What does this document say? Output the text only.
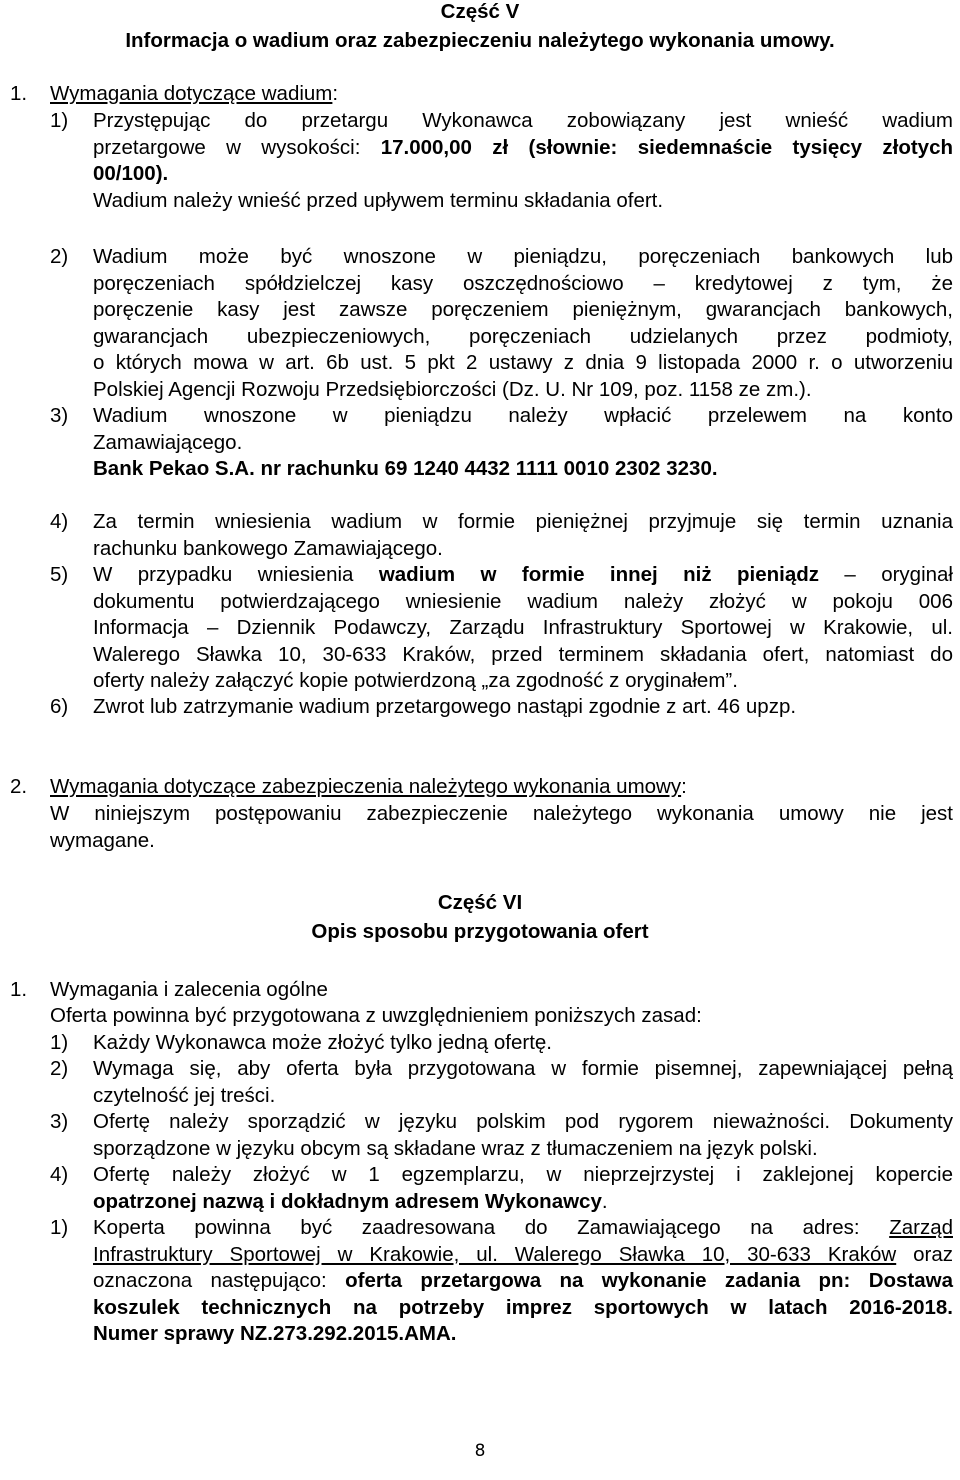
Część V
Informacja o wadium oraz zabezpieczeniu należytego wykonania umowy.
1. Wymagania dotyczące wadium:
1) Przystępując do przetargu Wykonawca zobowiązany jest wnieść wadium
przetargowe w wysokości: 17.000,00 zł (słownie: siedemnaście tysięcy złotych
00/100).
Wadium należy wnieść przed upływem terminu składania ofert.
2) Wadium może być wnoszone w pieniądzu, poręczeniach bankowych lub
poręczeniach spółdzielczej kasy oszczędnościowo – kredytowej z tym, że
poręczenie kasy jest zawsze poręczeniem pieniężnym, gwarancjach bankowych,
gwarancjach ubezpieczeniowych, poręczeniach udzielanych przez podmioty,
o których mowa w art. 6b ust. 5 pkt 2 ustawy z dnia 9 listopada 2000 r. o utworzeniu
Polskiej Agencji Rozwoju Przedsiębiorczości (Dz. U. Nr 109, poz. 1158 ze zm.).
3) Wadium wnoszone w pieniądzu należy wpłacić przelewem na konto
Zamawiającego.
Bank Pekao S.A. nr rachunku 69 1240 4432 1111 0010 2302 3230.
4) Za termin wniesienia wadium w formie pieniężnej przyjmuje się termin uznania
rachunku bankowego Zamawiającego.
5) W przypadku wniesienia wadium w formie innej niż pieniądz – oryginał
dokumentu potwierdzającego wniesienie wadium należy złożyć w pokoju 006
Informacja – Dziennik Podawczy, Zarządu Infrastruktury Sportowej w Krakowie, ul.
Walerego Sławka 10, 30-633 Kraków, przed terminem składania ofert, natomiast do
oferty należy załączyć kopie potwierdzoną „za zgodność z oryginałem”.
6) Zwrot lub zatrzymanie wadium przetargowego nastąpi zgodnie z art. 46 upzp.
2. Wymagania dotyczące zabezpieczenia należytego wykonania umowy:
W niniejszym postępowaniu zabezpieczenie należytego wykonania umowy nie jest
wymagane.
Część VI
Opis sposobu przygotowania ofert
1. Wymagania i zalecenia ogólne
Oferta powinna być przygotowana z uwzględnieniem poniższych zasad:
1) Każdy Wykonawca może złożyć tylko jedną ofertę.
2) Wymaga się, aby oferta była przygotowana w formie pisemnej, zapewniającej pełną
czytelność jej treści.
3) Ofertę należy sporządzić w języku polskim pod rygorem nieważności. Dokumenty
sporządzone w języku obcym są składane wraz z tłumaczeniem na język polski.
4) Ofertę należy złożyć w 1 egzemplarzu, w nieprzejrzystej i zaklejonej kopercie
opatrzonej nazwą i dokładnym adresem Wykonawcy.
1) Koperta powinna być zaadresowana do Zamawiającego na adres: Zarząd
Infrastruktury Sportowej w Krakowie, ul. Walerego Sławka 10, 30-633 Kraków oraz
oznaczona następująco: oferta przetargowa na wykonanie zadania pn: Dostawa
koszulek technicznych na potrzeby imprez sportowych w latach 2016-2018.
Numer sprawy NZ.273.292.2015.AMA.
8
